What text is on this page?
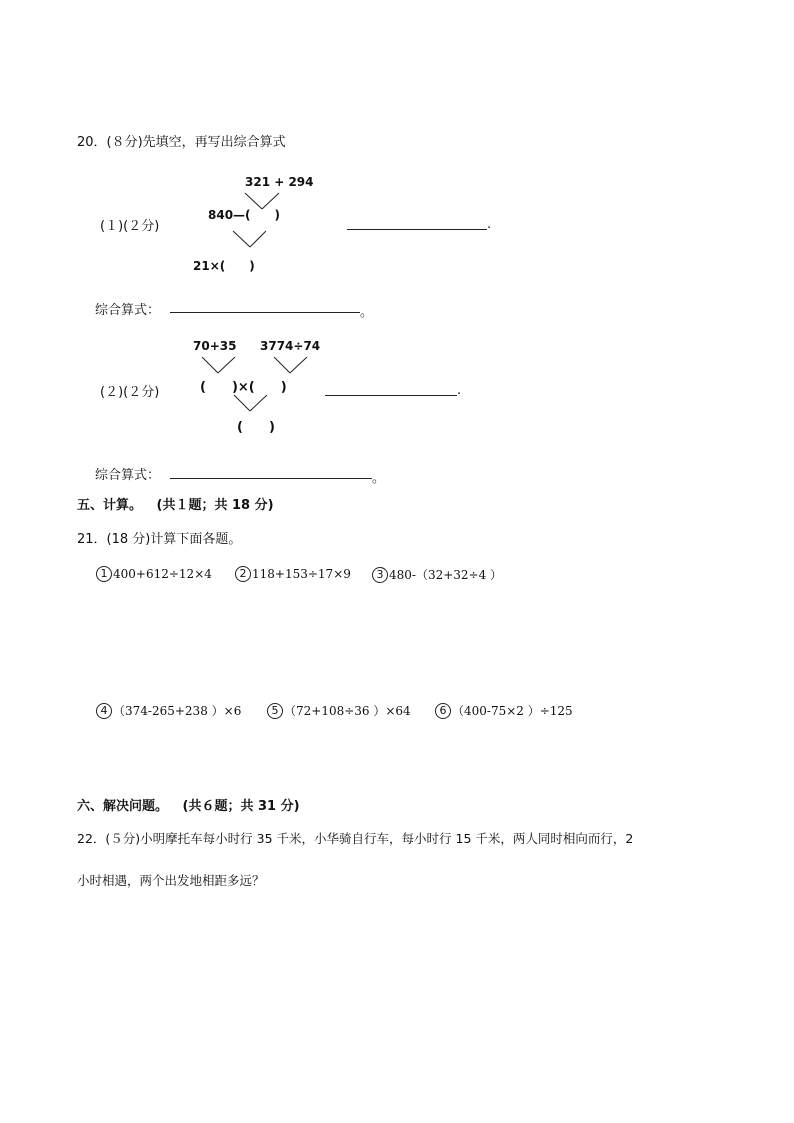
20．(８分)先填空，再写出综合算式
321 + 294
840—(　　)
21×(　　)
(１)(２分)	.
综合算式：	。
70+35 3774÷74
(　　)×(　　)
(　　)
(２)(２分)	.
综合算式：	。
五、计算。 (共１题；共 18 分)
21．(18 分)计算下面各题。
1 400+612÷12×4	2 118+153÷17×9	3 480-（32+32÷4 ）
4 （374-265+238 ）×6	5 （72+108÷36 ）×64	6 （400-75×2 ）÷125
六、解决问题。 (共６题；共 31 分)
22．(５分)小明摩托车每小时行 35 千米，小华骑自行车，每小时行 15 千米，两人同时相向而行，2
小时相遇，两个出发地相距多远？
